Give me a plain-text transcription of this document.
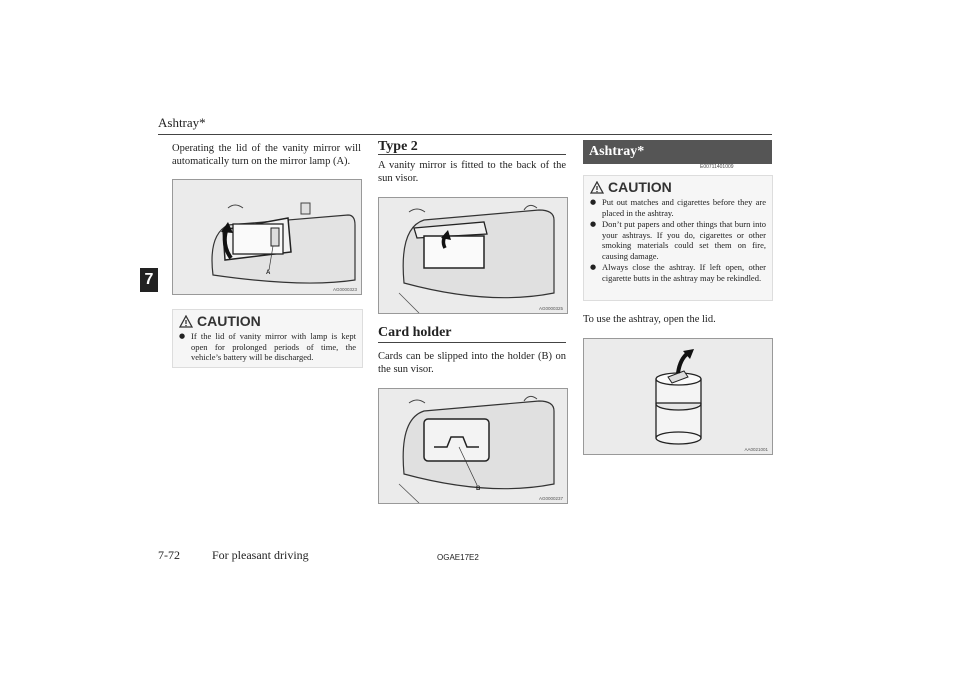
Ashtray*
7
Operating the lid of the vanity mirror will automatically turn on the mirror lamp (A).
A
AG0000323
CAUTION
● If the lid of vanity mirror with lamp is kept open for prolonged periods of time, the vehicle’s battery will be discharged.
Type 2
A vanity mirror is fitted to the back of the sun visor.
AG0000325
Card holder
Cards can be slipped into the holder (B) on the sun visor.
B
AG0000237
Ashtray*
E00711401009
CAUTION
● Put out matches and cigarettes before they are placed in the ashtray.
● Don’t put papers and other things that burn into your ashtrays. If you do, cigarettes or other smoking materials could set them on fire, causing damage.
● Always close the ashtray. If left open, other cigarette butts in the ashtray may be rekindled.
To use the ashtray, open the lid.
AA0021001
7-72	For pleasant driving	OGAE17E2
